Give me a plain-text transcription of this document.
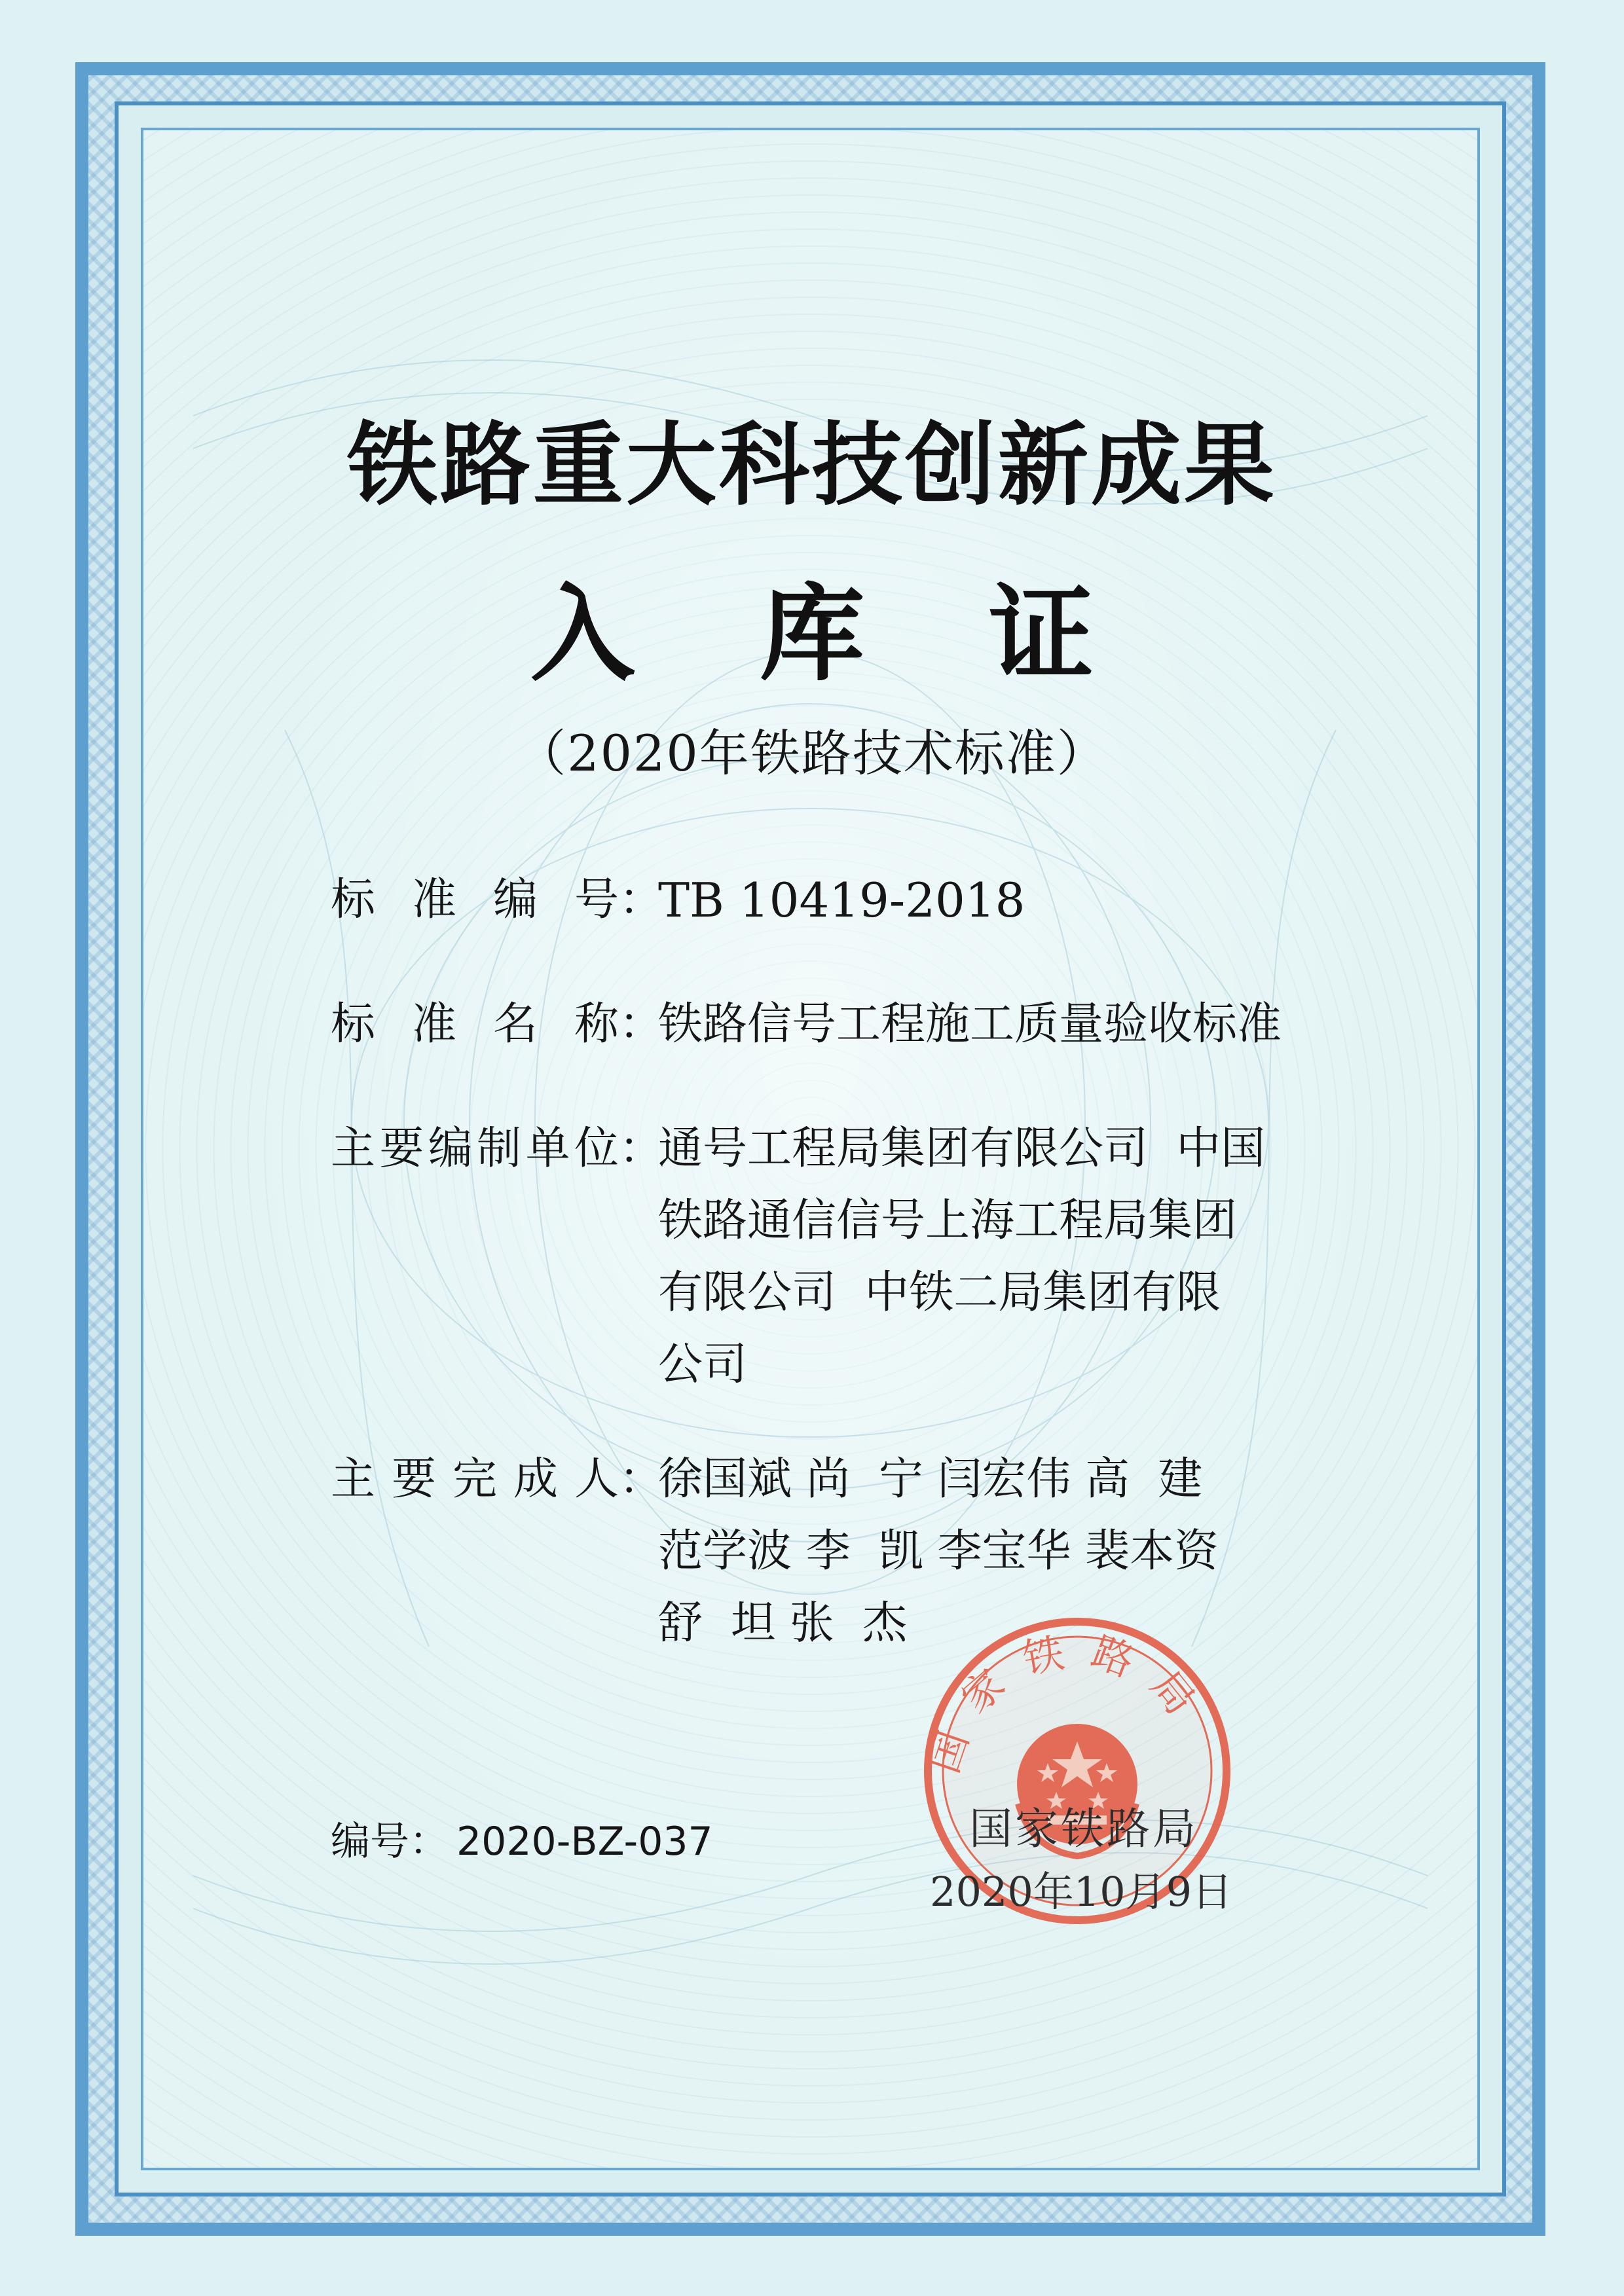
铁路重大科技创新成果
入库证
（2020年铁路技术标准）
标 准 编 号 ：
TB 10419-2018
标 准 名 称 ：
铁路信号工程施工质量验收标准
主 要 编 制 单 位 ：
通号工程局集团有限公司  中国
铁路通信信号上海工程局集团
有限公司  中铁二局集团有限
公司
主 要 完 成 人 ：
徐国斌 尚  宁 闫宏伟 高  建
范学波 李  凯 李宝华 裴本资
舒  坦 张  杰
编号： 2020-BZ-037
国家铁路局
国家铁路局
2020年10月9日
